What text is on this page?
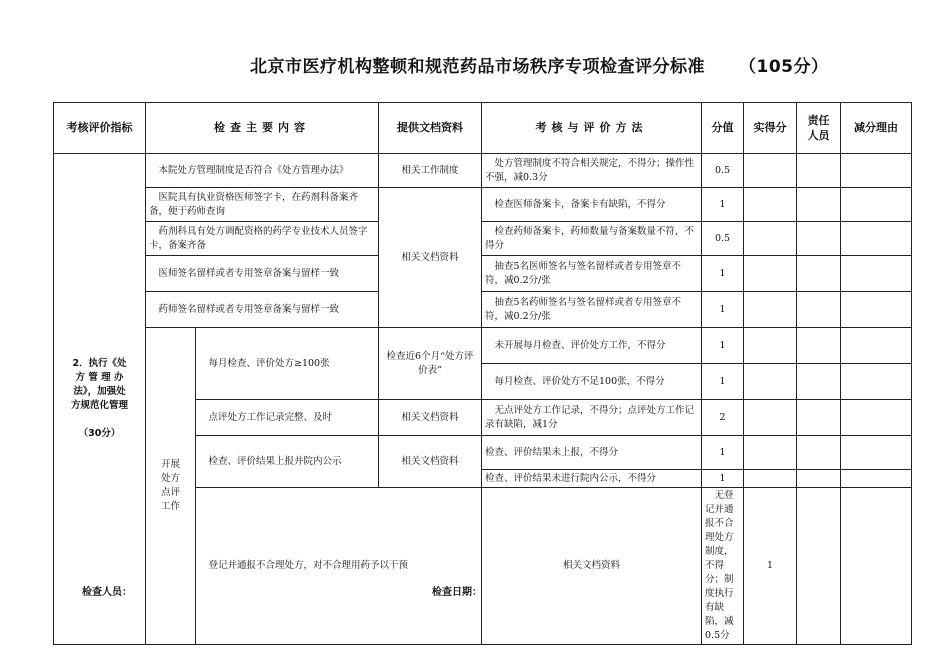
北京市医疗机构整顿和规范药品市场秩序专项检查评分标准 （105分）
考核评价指标	检查主要内容		提供文档资料	考核与评价方法	分值	实得分	责任人员	减分理由	

2．执行《处
方 管 理 办
法》，加强处
方规范化管理
（30分）	本院处方管理制度是否符合《处方管理办法》		相关工作制度	处方管理制度不符合相关规定，不得分；操作性不强，减0.3分	0.5				
	医院具有执业资格医师签字卡，在药剂科备案齐备，便于药师查询		相关文档资料	检查医师备案卡，备案卡有缺陷，不得分	1				
	药剂科具有处方调配资格的药学专业技术人员签字卡，备案齐备			检查药师备案卡，药师数量与备案数量不符，不得分	0.5				
	医师签名留样或者专用签章备案与留样一致			抽查5名医师签名与签名留样或者专用签章不符，减0.2分/张	1				
	药师签名留样或者专用签章备案与留样一致			抽查5名药师签名与签名留样或者专用签章不符，减0.2分/张	1				

	开展处方点评工作	每月检查、评价处方≥100张	检查近6个月“处方评价表”	未开展每月检查、评价处方工作，不得分	1				
				每月检查、评价处方不足100张，不得分	1				
		点评处方工作记录完整、及时	相关文档资料	无点评处方工作记录，不得分；点评处方工作记录有缺陷，减1分	2				
		检查、评价结果上报并院内公示	相关文档资料	检查、评价结果未上报，不得分	1				
				检查、评价结果未进行院内公示，不得分	1				
		登记并通报不合理处方，对不合理用药予以干预		相关文档资料	无登记并通报不合理处方制度，不得分；制度执行有缺陷，减0.5分	1			
检查人员：	检查日期：
